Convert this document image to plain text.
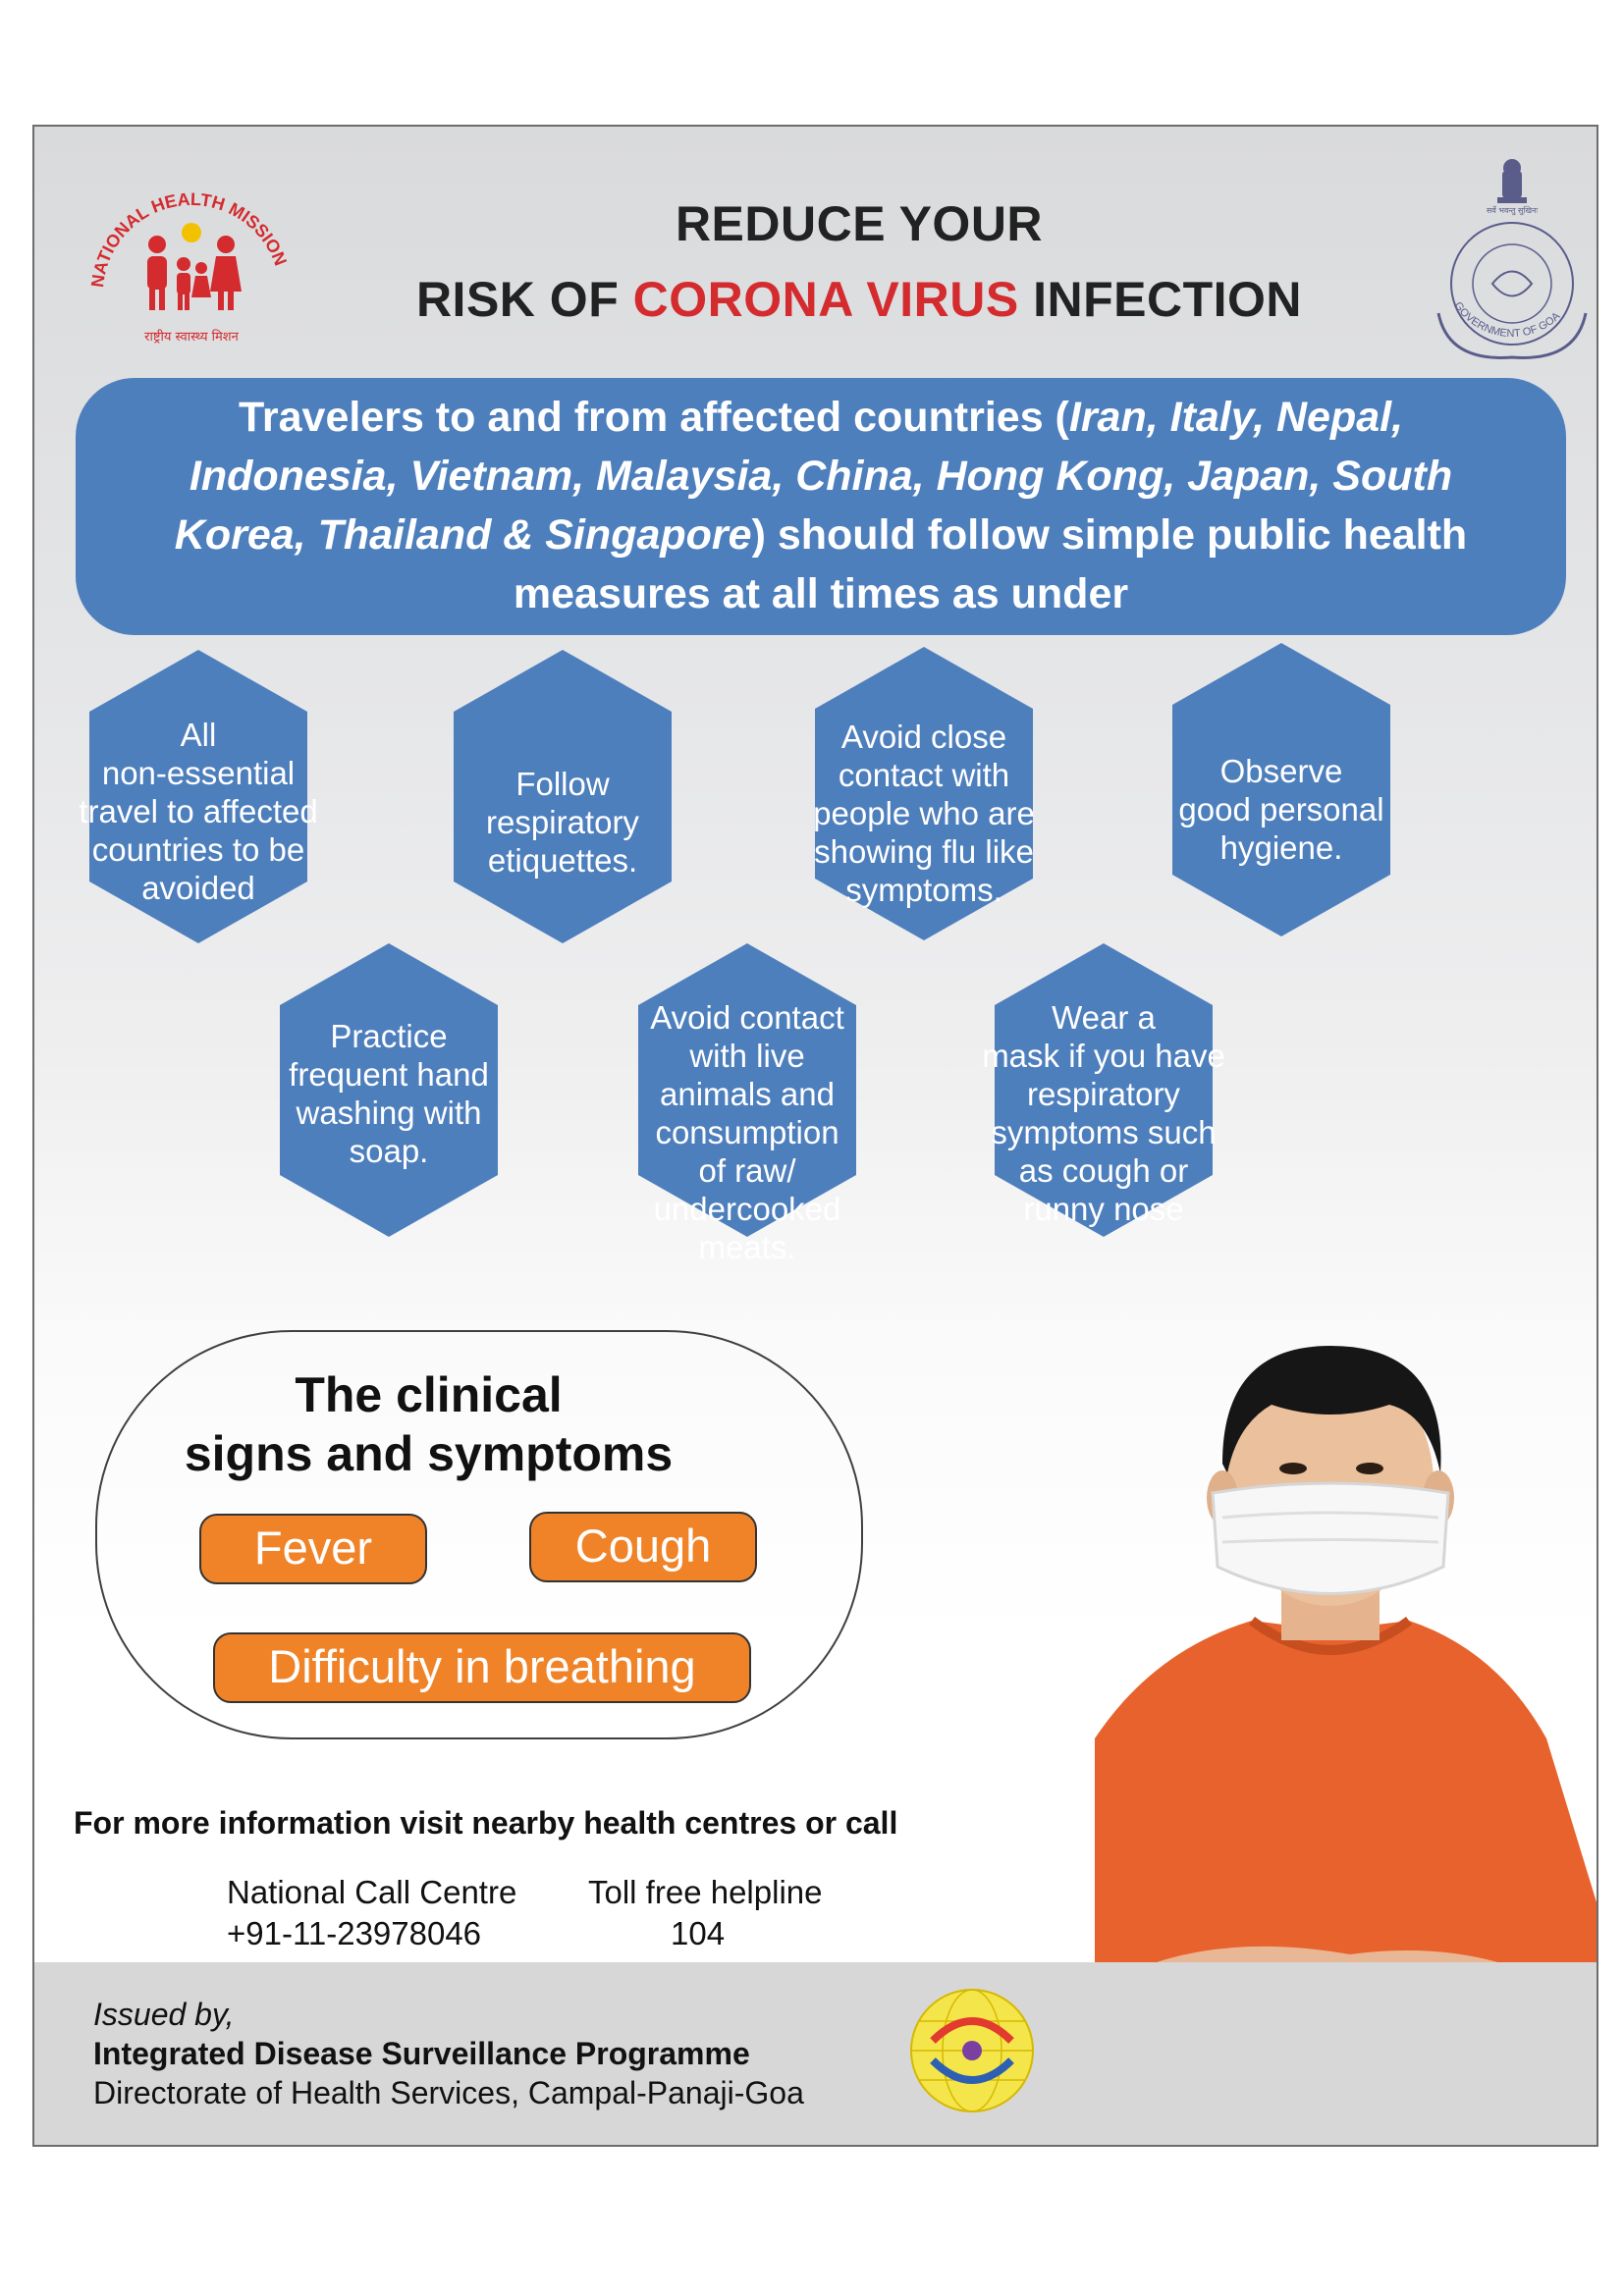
NATIONAL HEALTH MISSION
राष्ट्रीय स्वास्थ्य मिशन
सर्वे भवन्तु सुखिनः
GOVERNMENT OF GOA
REDUCE YOUR
RISK OF CORONA VIRUS INFECTION
Travelers to and from affected countries (Iran, Italy, Nepal, Indonesia, Vietnam, Malaysia, China, Hong Kong, Japan, South Korea, Thailand & Singapore) should follow simple public health measures at all times as under
All
non-essential
travel to affected
countries to be
avoided
Follow
respiratory
etiquettes.
Avoid close
contact with
people who are
showing flu like
symptoms.
Observe
good personal
hygiene.
Practice
frequent hand
washing with
soap.
Avoid contact
with live
animals and
consumption
of raw/
undercooked
meats.
Wear a
mask if you have
respiratory
symptoms such
as cough or
runny nose
The clinical
signs and symptoms
Fever	Cough
Difficulty in breathing
For more information visit nearby health centres or call
National Call Centre
+91-11-23978046
Toll free helpline
104
Issued by,
Integrated Disease Surveillance Programme
Directorate of Health Services, Campal-Panaji-Goa
